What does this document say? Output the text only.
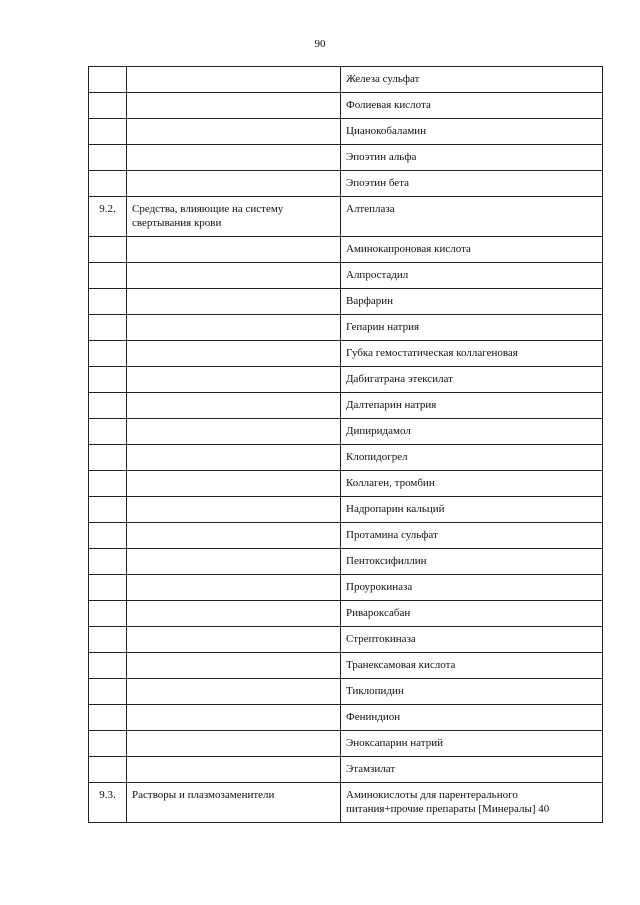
90
		Железа сульфат
		Фолиевая кислота
		Цианокобаламин
		Эпоэтин альфа
		Эпоэтин бета
9.2.	Средства, влияющие на систему свертывания крови	Алтеплаза
		Аминокапроновая кислота
		Алпростадил
		Варфарин
		Гепарин натрия
		Губка гемостатическая коллагеновая
		Дабигатрана этексилат
		Далтепарин натрия
		Дипиридамол
		Клопидогрел
		Коллаген, тромбин
		Надропарин кальций
		Протамина сульфат
		Пентоксифиллин
		Проурокиназа
		Ривароксабан
		Стрептокиназа
		Транексамовая кислота
		Тиклопидин
		Фениндион
		Эноксапарин натрий
		Этамзилат
9.3.	Растворы и плазмозаменители	Аминокислоты для парентерального питания+прочие препараты [Минералы] 40
